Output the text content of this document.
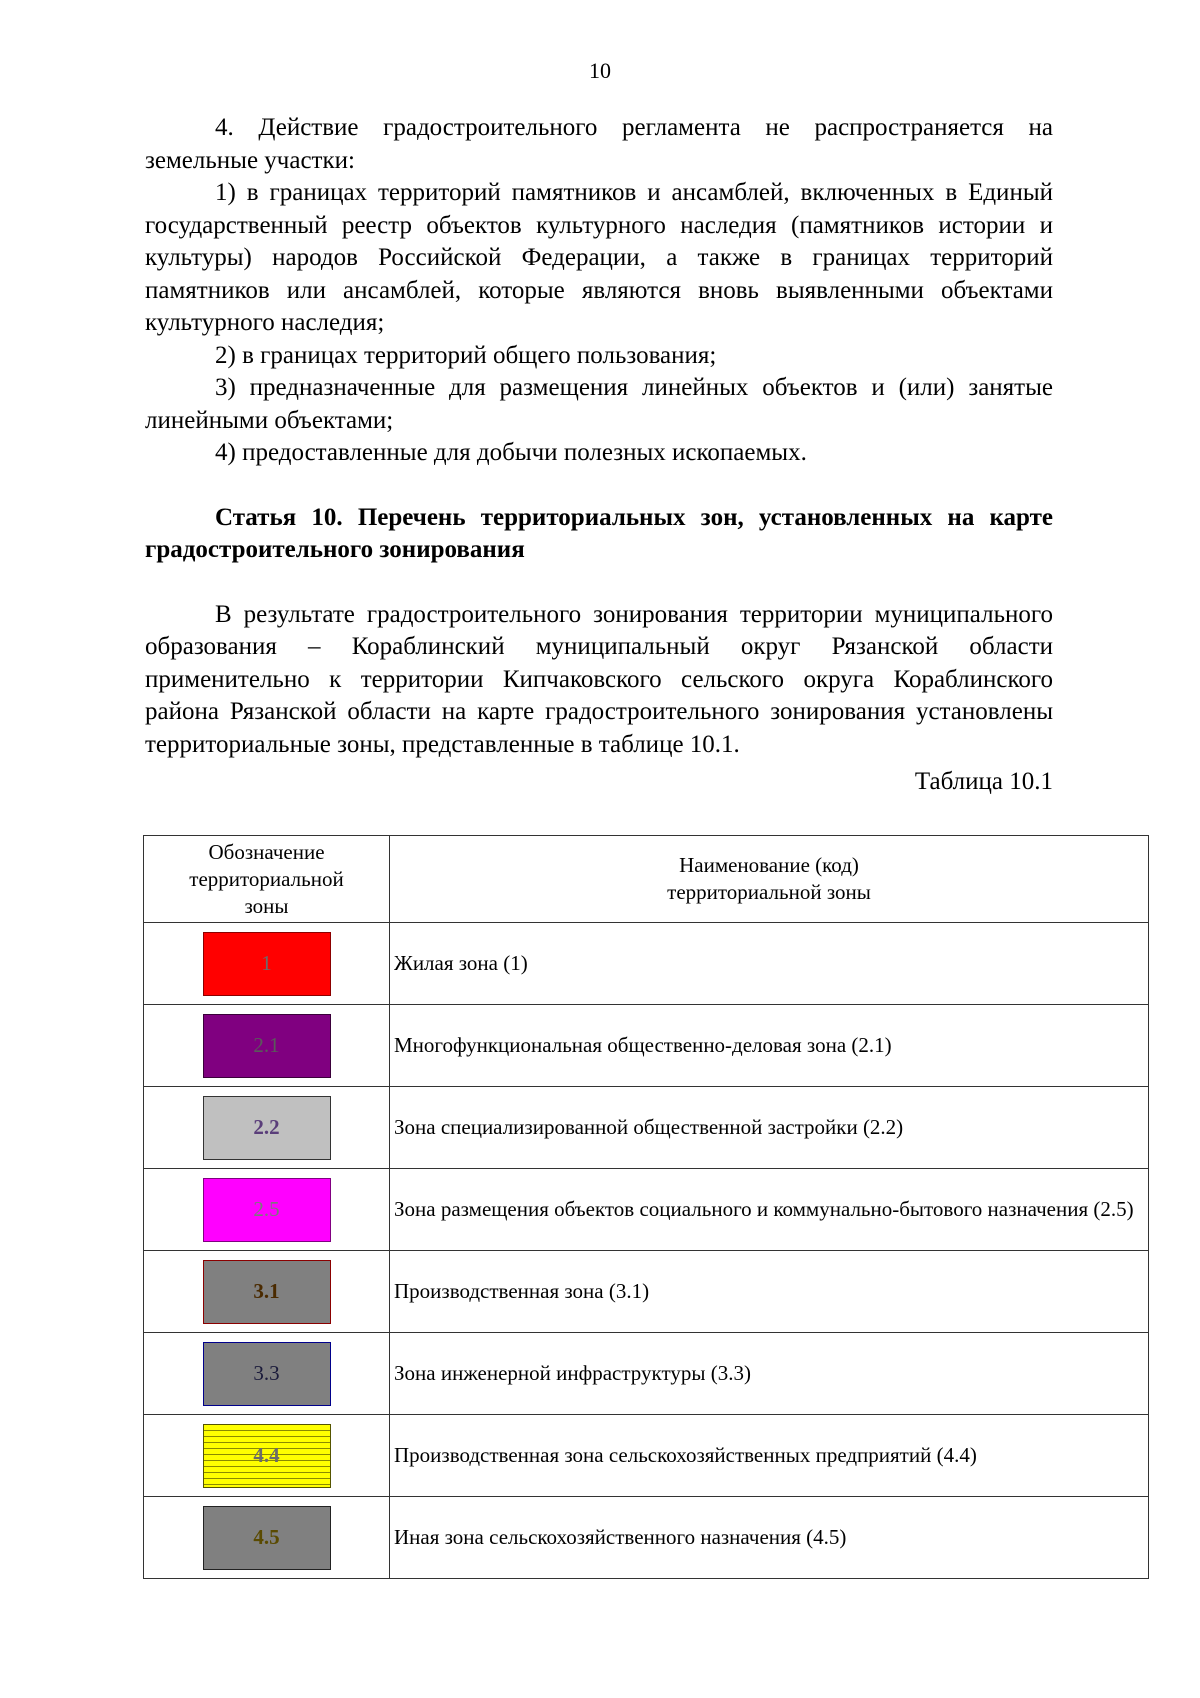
10

4. Действие градостроительного регламента не распространяется на земельные участки:

1) в границах территорий памятников и ансамблей, включенных в Единый государственный реестр объектов культурного наследия (памятников истории и культуры) народов Российской Федерации, а также в границах территорий памятников или ансамблей, которые являются вновь выявленными объектами культурного наследия;

2) в границах территорий общего пользования;

3) предназначенные для размещения линейных объектов и (или) занятые линейными объектами;

4) предоставленные для добычи полезных ископаемых.

Статья 10. Перечень территориальных зон, установленных на карте градостроительного зонирования

В результате градостроительного зонирования территории муниципального образования – Кораблинский муниципальный округ Рязанской области применительно к территории Кипчаковского сельского округа Кораблинского района Рязанской области на карте градостроительного зонирования установлены территориальные зоны, представленные в таблице 10.1.

Таблица 10.1
Обозначение территориальной зоны	Наименование (код) территориальной зоны
1	Жилая зона (1)
2.1	Многофункциональная общественно-деловая зона (2.1)
2.2	Зона специализированной общественной застройки (2.2)
2.5	Зона размещения объектов социального и коммунально-бытового назначения (2.5)
3.1	Производственная зона (3.1)
3.3	Зона инженерной инфраструктуры (3.3)
4.4	Производственная зона сельскохозяйственных предприятий (4.4)
4.5	Иная зона сельскохозяйственного назначения (4.5)
